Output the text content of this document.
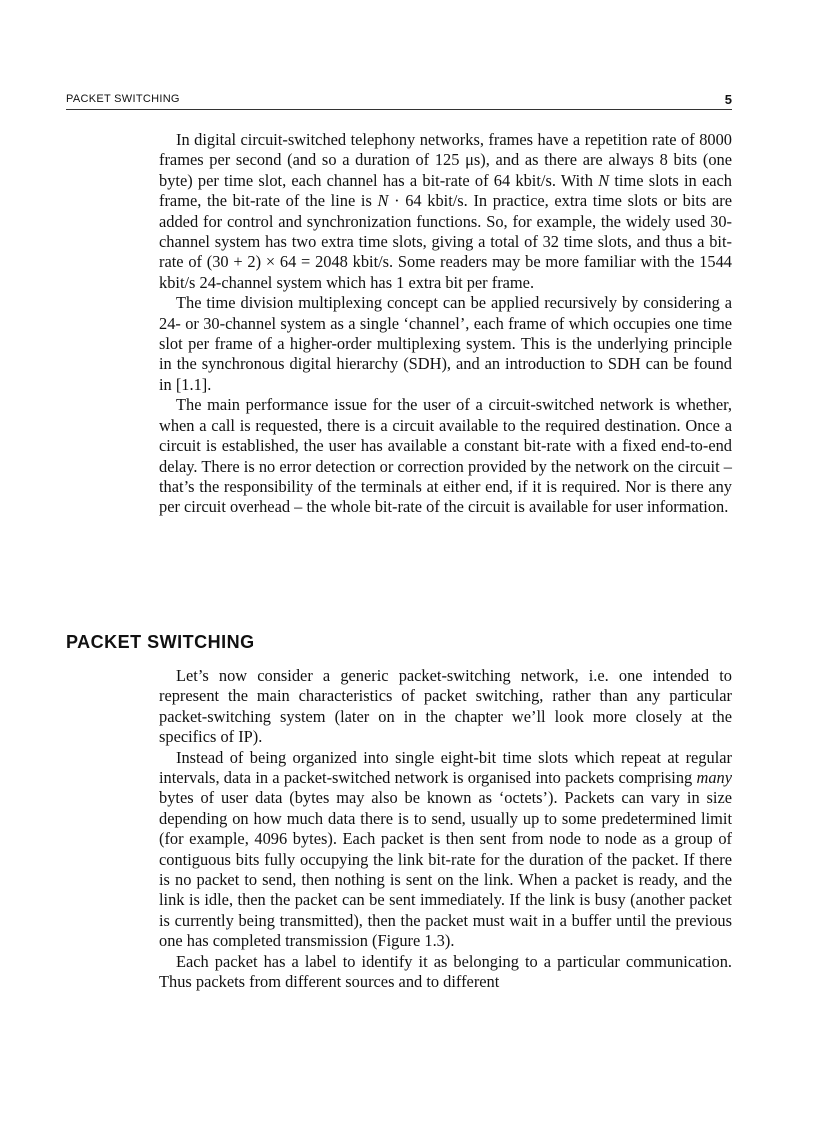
PACKET SWITCHING	5

In digital circuit-switched telephony networks, frames have a repetition rate of 8000 frames per second (and so a duration of 125 μs), and as there are always 8 bits (one byte) per time slot, each channel has a bit-rate of 64 kbit/s. With N time slots in each frame, the bit-rate of the line is N · 64 kbit/s. In practice, extra time slots or bits are added for control and synchronization functions. So, for example, the widely used 30-channel system has two extra time slots, giving a total of 32 time slots, and thus a bit-rate of (30 + 2) × 64 = 2048 kbit/s. Some readers may be more familiar with the 1544 kbit/s 24-channel system which has 1 extra bit per frame.

The time division multiplexing concept can be applied recursively by considering a 24- or 30-channel system as a single ‘channel’, each frame of which occupies one time slot per frame of a higher-order multiplexing system. This is the underlying principle in the synchronous digital hierarchy (SDH), and an introduction to SDH can be found in [1.1].

The main performance issue for the user of a circuit-switched network is whether, when a call is requested, there is a circuit available to the required destination. Once a circuit is established, the user has available a constant bit-rate with a fixed end-to-end delay. There is no error detection or correction provided by the network on the circuit – that’s the responsibility of the terminals at either end, if it is required. Nor is there any per circuit overhead – the whole bit-rate of the circuit is available for user information.

PACKET SWITCHING

Let’s now consider a generic packet-switching network, i.e. one intended to represent the main characteristics of packet switching, rather than any particular packet-switching system (later on in the chapter we’ll look more closely at the specifics of IP).

Instead of being organized into single eight-bit time slots which repeat at regular intervals, data in a packet-switched network is organised into packets comprising many bytes of user data (bytes may also be known as ‘octets’). Packets can vary in size depending on how much data there is to send, usually up to some predetermined limit (for example, 4096 bytes). Each packet is then sent from node to node as a group of contiguous bits fully occupying the link bit-rate for the duration of the packet. If there is no packet to send, then nothing is sent on the link. When a packet is ready, and the link is idle, then the packet can be sent immediately. If the link is busy (another packet is currently being transmitted), then the packet must wait in a buffer until the previous one has completed transmission (Figure 1.3).

Each packet has a label to identify it as belonging to a particular communication. Thus packets from different sources and to different
